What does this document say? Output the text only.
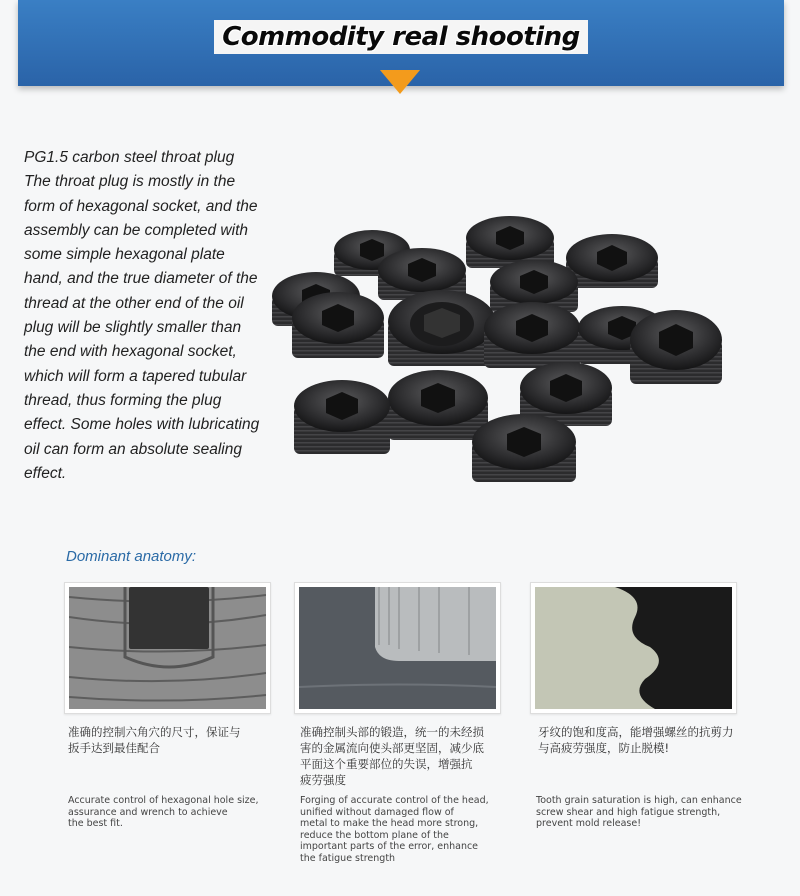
Commodity real shooting

PG1.5 carbon steel throat plug

The throat plug is mostly in the

form of hexagonal socket, and the

assembly can be completed with

some simple hexagonal plate

hand, and the true diameter of the

thread at the other end of the oil

plug will be slightly smaller than

the end with hexagonal socket,

which will form a tapered tubular

thread, thus forming the plug

effect. Some holes with lubricating

oil can form an absolute sealing

effect.

Dominant anatomy:
准确的控制六角穴的尺寸，保证与
扳手达到最佳配合
准确控制头部的锻造，统一的未经损
害的金属流向使头部更坚固，减少底
平面这个重要部位的失误，增强抗
疲劳强度
牙纹的饱和度高，能增强螺丝的抗剪力
与高疲劳强度，防止脱模!
Accurate control of hexagonal hole size,
assurance and wrench to achieve
the best fit.
Forging of accurate control of the head,
unified without damaged flow of
metal to make the head more strong,
reduce the bottom plane of the
important parts of the error, enhance
the fatigue strength
Tooth grain saturation is high, can enhance
screw shear and high fatigue strength,
prevent mold release!
